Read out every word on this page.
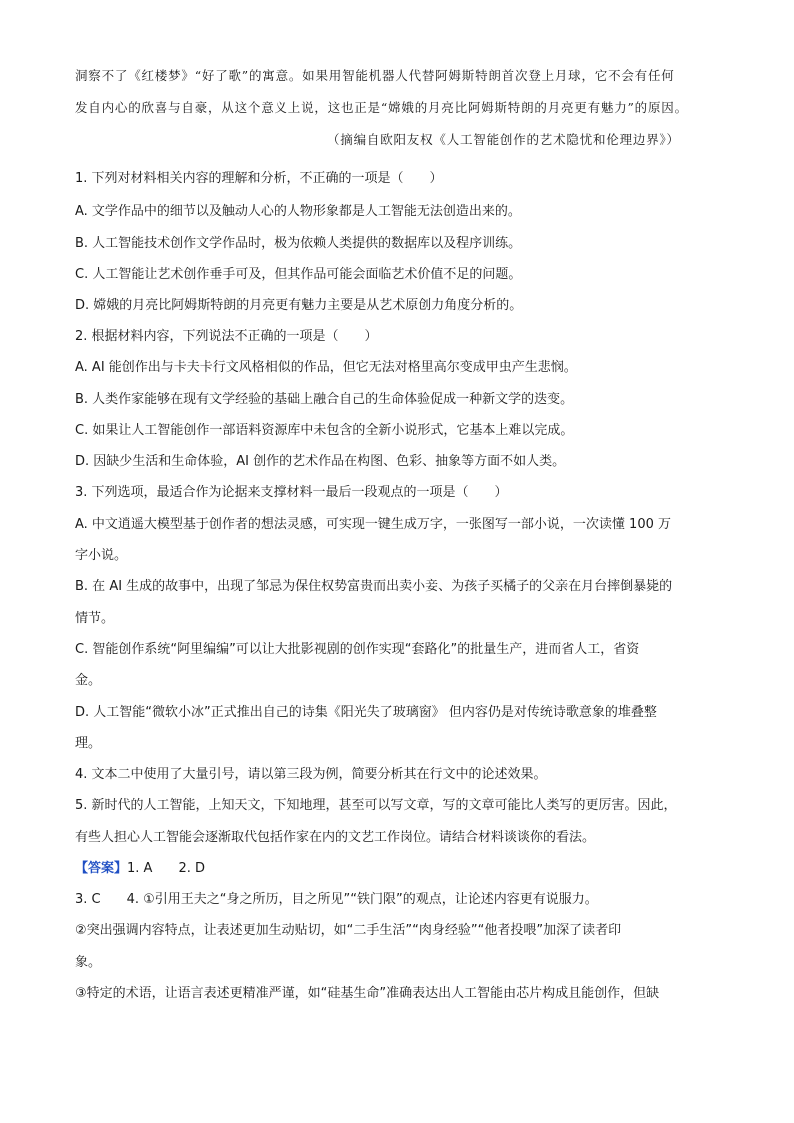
洞察不了《红楼梦》“好了歌”的寓意。如果用智能机器人代替阿姆斯特朗首次登上月球，它不会有任何
发自内心的欣喜与自豪，从这个意义上说，这也正是“嫦娥的月亮比阿姆斯特朗的月亮更有魅力”的原因。
（摘编自欧阳友权《人工智能创作的艺术隐忧和伦理边界》）
1. 下列对材料相关内容的理解和分析，不正确的一项是（　　）
A. 文学作品中的细节以及触动人心的人物形象都是人工智能无法创造出来的。
B. 人工智能技术创作文学作品时，极为依赖人类提供的数据库以及程序训练。
C. 人工智能让艺术创作垂手可及，但其作品可能会面临艺术价值不足的问题。
D. 嫦娥的月亮比阿姆斯特朗的月亮更有魅力主要是从艺术原创力角度分析的。
2. 根据材料内容，下列说法不正确的一项是（　　）
A. AI 能创作出与卡夫卡行文风格相似的作品，但它无法对格里高尔变成甲虫产生悲悯。
B. 人类作家能够在现有文学经验的基础上融合自己的生命体验促成一种新文学的迭变。
C. 如果让人工智能创作一部语料资源库中未包含的全新小说形式，它基本上难以完成。
D. 因缺少生活和生命体验，AI 创作的艺术作品在构图、色彩、抽象等方面不如人类。
3. 下列选项，最适合作为论据来支撑材料一最后一段观点的一项是（　　）
A. 中文逍遥大模型基于创作者的想法灵感，可实现一键生成万字，一张图写一部小说，一次读懂 100 万
字小说。
B. 在 AI 生成的故事中，出现了邹忌为保住权势富贵而出卖小妾、为孩子买橘子的父亲在月台摔倒暴毙的
情节。
C. 智能创作系统“阿里编编”可以让大批影视剧的创作实现“套路化”的批量生产，进而省人工，省资
金。
D. 人工智能“微软小冰”正式推出自己的诗集《阳光失了玻璃窗》 但内容仍是对传统诗歌意象的堆叠整
理。
4. 文本二中使用了大量引号，请以第三段为例，简要分析其在行文中的论述效果。
5. 新时代的人工智能，上知天文，下知地理，甚至可以写文章，写的文章可能比人类写的更厉害。因此，
有些人担心人工智能会逐渐取代包括作家在内的文艺工作岗位。请结合材料谈谈你的看法。
【答案】1. A　　2. D
3. C　　4. ①引用王夫之“身之所历，目之所见”“铁门限”的观点，让论述内容更有说服力。
②突出强调内容特点，让表述更加生动贴切，如“二手生活”“肉身经验”“他者投喂”加深了读者印
象。
③特定的术语，让语言表述更精准严谨，如“硅基生命”准确表达出人工智能由芯片构成且能创作，但缺
